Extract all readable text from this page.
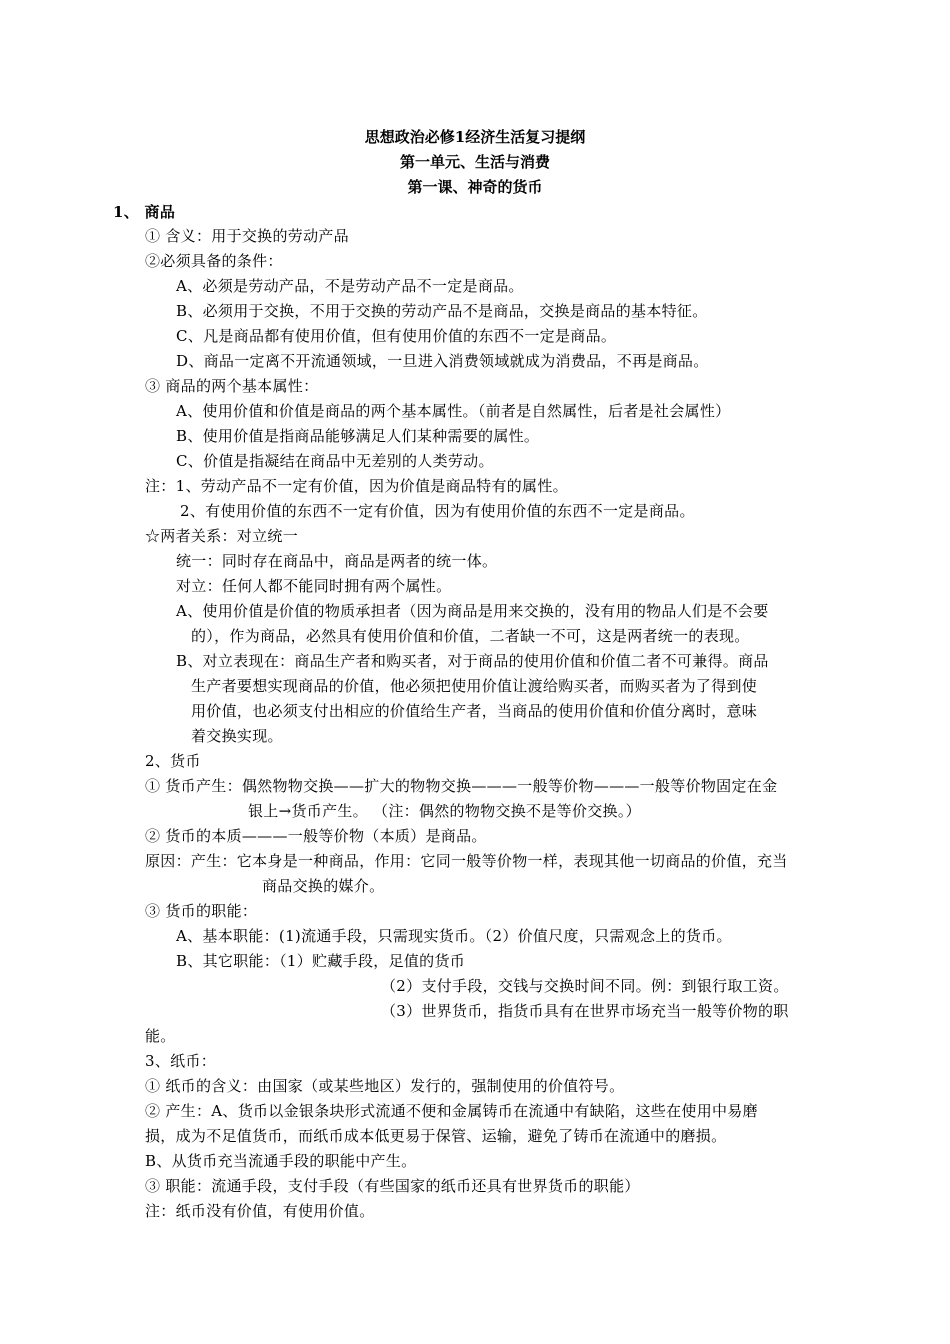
思想政治必修1经济生活复习提纲
第一单元、生活与消费
第一课、神奇的货币
1、 商品
① 含义：用于交换的劳动产品
②必须具备的条件：
A、必须是劳动产品，不是劳动产品不一定是商品。
B、必须用于交换，不用于交换的劳动产品不是商品，交换是商品的基本特征。
C、凡是商品都有使用价值，但有使用价值的东西不一定是商品。
D、商品一定离不开流通领域，一旦进入消费领域就成为消费品，不再是商品。
③ 商品的两个基本属性：
A、使用价值和价值是商品的两个基本属性。（前者是自然属性，后者是社会属性）
B、使用价值是指商品能够满足人们某种需要的属性。
C、价值是指凝结在商品中无差别的人类劳动。
注：1、劳动产品不一定有价值，因为价值是商品特有的属性。
2、有使用价值的东西不一定有价值，因为有使用价值的东西不一定是商品。
☆两者关系：对立统一
统一：同时存在商品中，商品是两者的统一体。
对立：任何人都不能同时拥有两个属性。
A、使用价值是价值的物质承担者（因为商品是用来交换的，没有用的物品人们是不会要
的），作为商品，必然具有使用价值和价值，二者缺一不可，这是两者统一的表现。
B、对立表现在：商品生产者和购买者，对于商品的使用价值和价值二者不可兼得。商品
生产者要想实现商品的价值，他必须把使用价值让渡给购买者，而购买者为了得到使
用价值，也必须支付出相应的价值给生产者，当商品的使用价值和价值分离时，意味
着交换实现。
2、货币
① 货币产生：偶然物物交换——扩大的物物交换———一般等价物———一般等价物固定在金
银上→货币产生。 （注：偶然的物物交换不是等价交换。）
② 货币的本质———一般等价物（本质）是商品。
原因：产生：它本身是一种商品，作用：它同一般等价物一样，表现其他一切商品的价值，充当
商品交换的媒介。
③ 货币的职能：
A、基本职能：(1)流通手段，只需现实货币。（2）价值尺度，只需观念上的货币。
B、其它职能：（1）贮藏手段，足值的货币
（2）支付手段，交钱与交换时间不同。例：到银行取工资。
（3）世界货币，指货币具有在世界市场充当一般等价物的职
能。
3、纸币：
① 纸币的含义：由国家（或某些地区）发行的，强制使用的价值符号。
② 产生：A、货币以金银条块形式流通不便和金属铸币在流通中有缺陷，这些在使用中易磨
损，成为不足值货币，而纸币成本低更易于保管、运输，避免了铸币在流通中的磨损。
B、从货币充当流通手段的职能中产生。
③ 职能：流通手段，支付手段（有些国家的纸币还具有世界货币的职能）
注：纸币没有价值，有使用价值。
